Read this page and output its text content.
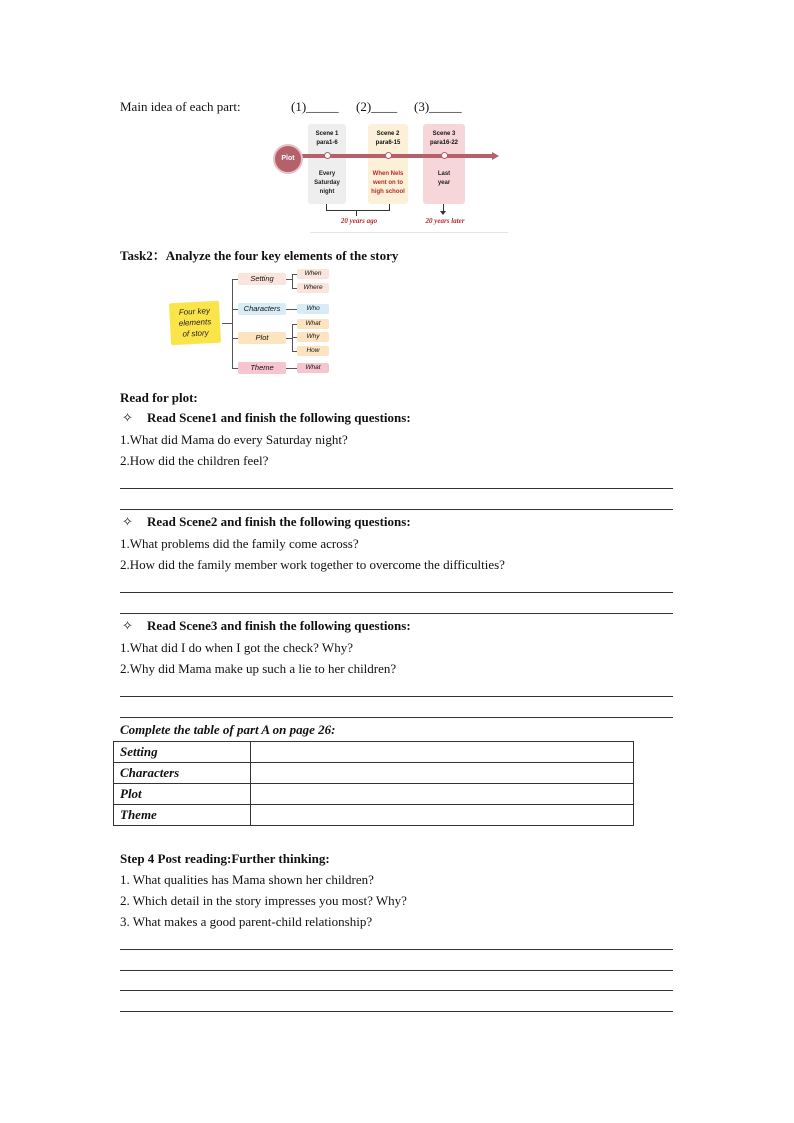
Main idea of each part:	(1)_____ (2)____ (3)_____
Scene 1
para1-6
Scene 2
para6-15
Scene 3
para16-22
Plot
Every
Saturday
night
When Nels
went on to
high school
Last
year
20 years ago	20 years later
Task2：Analyze the four key elements of the story
Four key
elements
of story
Setting
Characters
Plot
Theme
When
Where
Who
What
Why
How
What
Read for plot:
✧ Read Scene1 and finish the following questions:
1.What did Mama do every Saturday night?
2.How did the children feel?
✧ Read Scene2 and finish the following questions:
1.What problems did the family come across?
2.How did the family member work together to overcome the difficulties?
✧ Read Scene3 and finish the following questions:
1.What did I do when I got the check? Why?
2.Why did Mama make up such a lie to her children?
Complete the table of part A on page 26:
Setting	
Characters	
Plot	
Theme	
Step 4 Post reading:Further thinking:
1. What qualities has Mama shown her children?
2. Which detail in the story impresses you most? Why?
3. What makes a good parent-child relationship?
